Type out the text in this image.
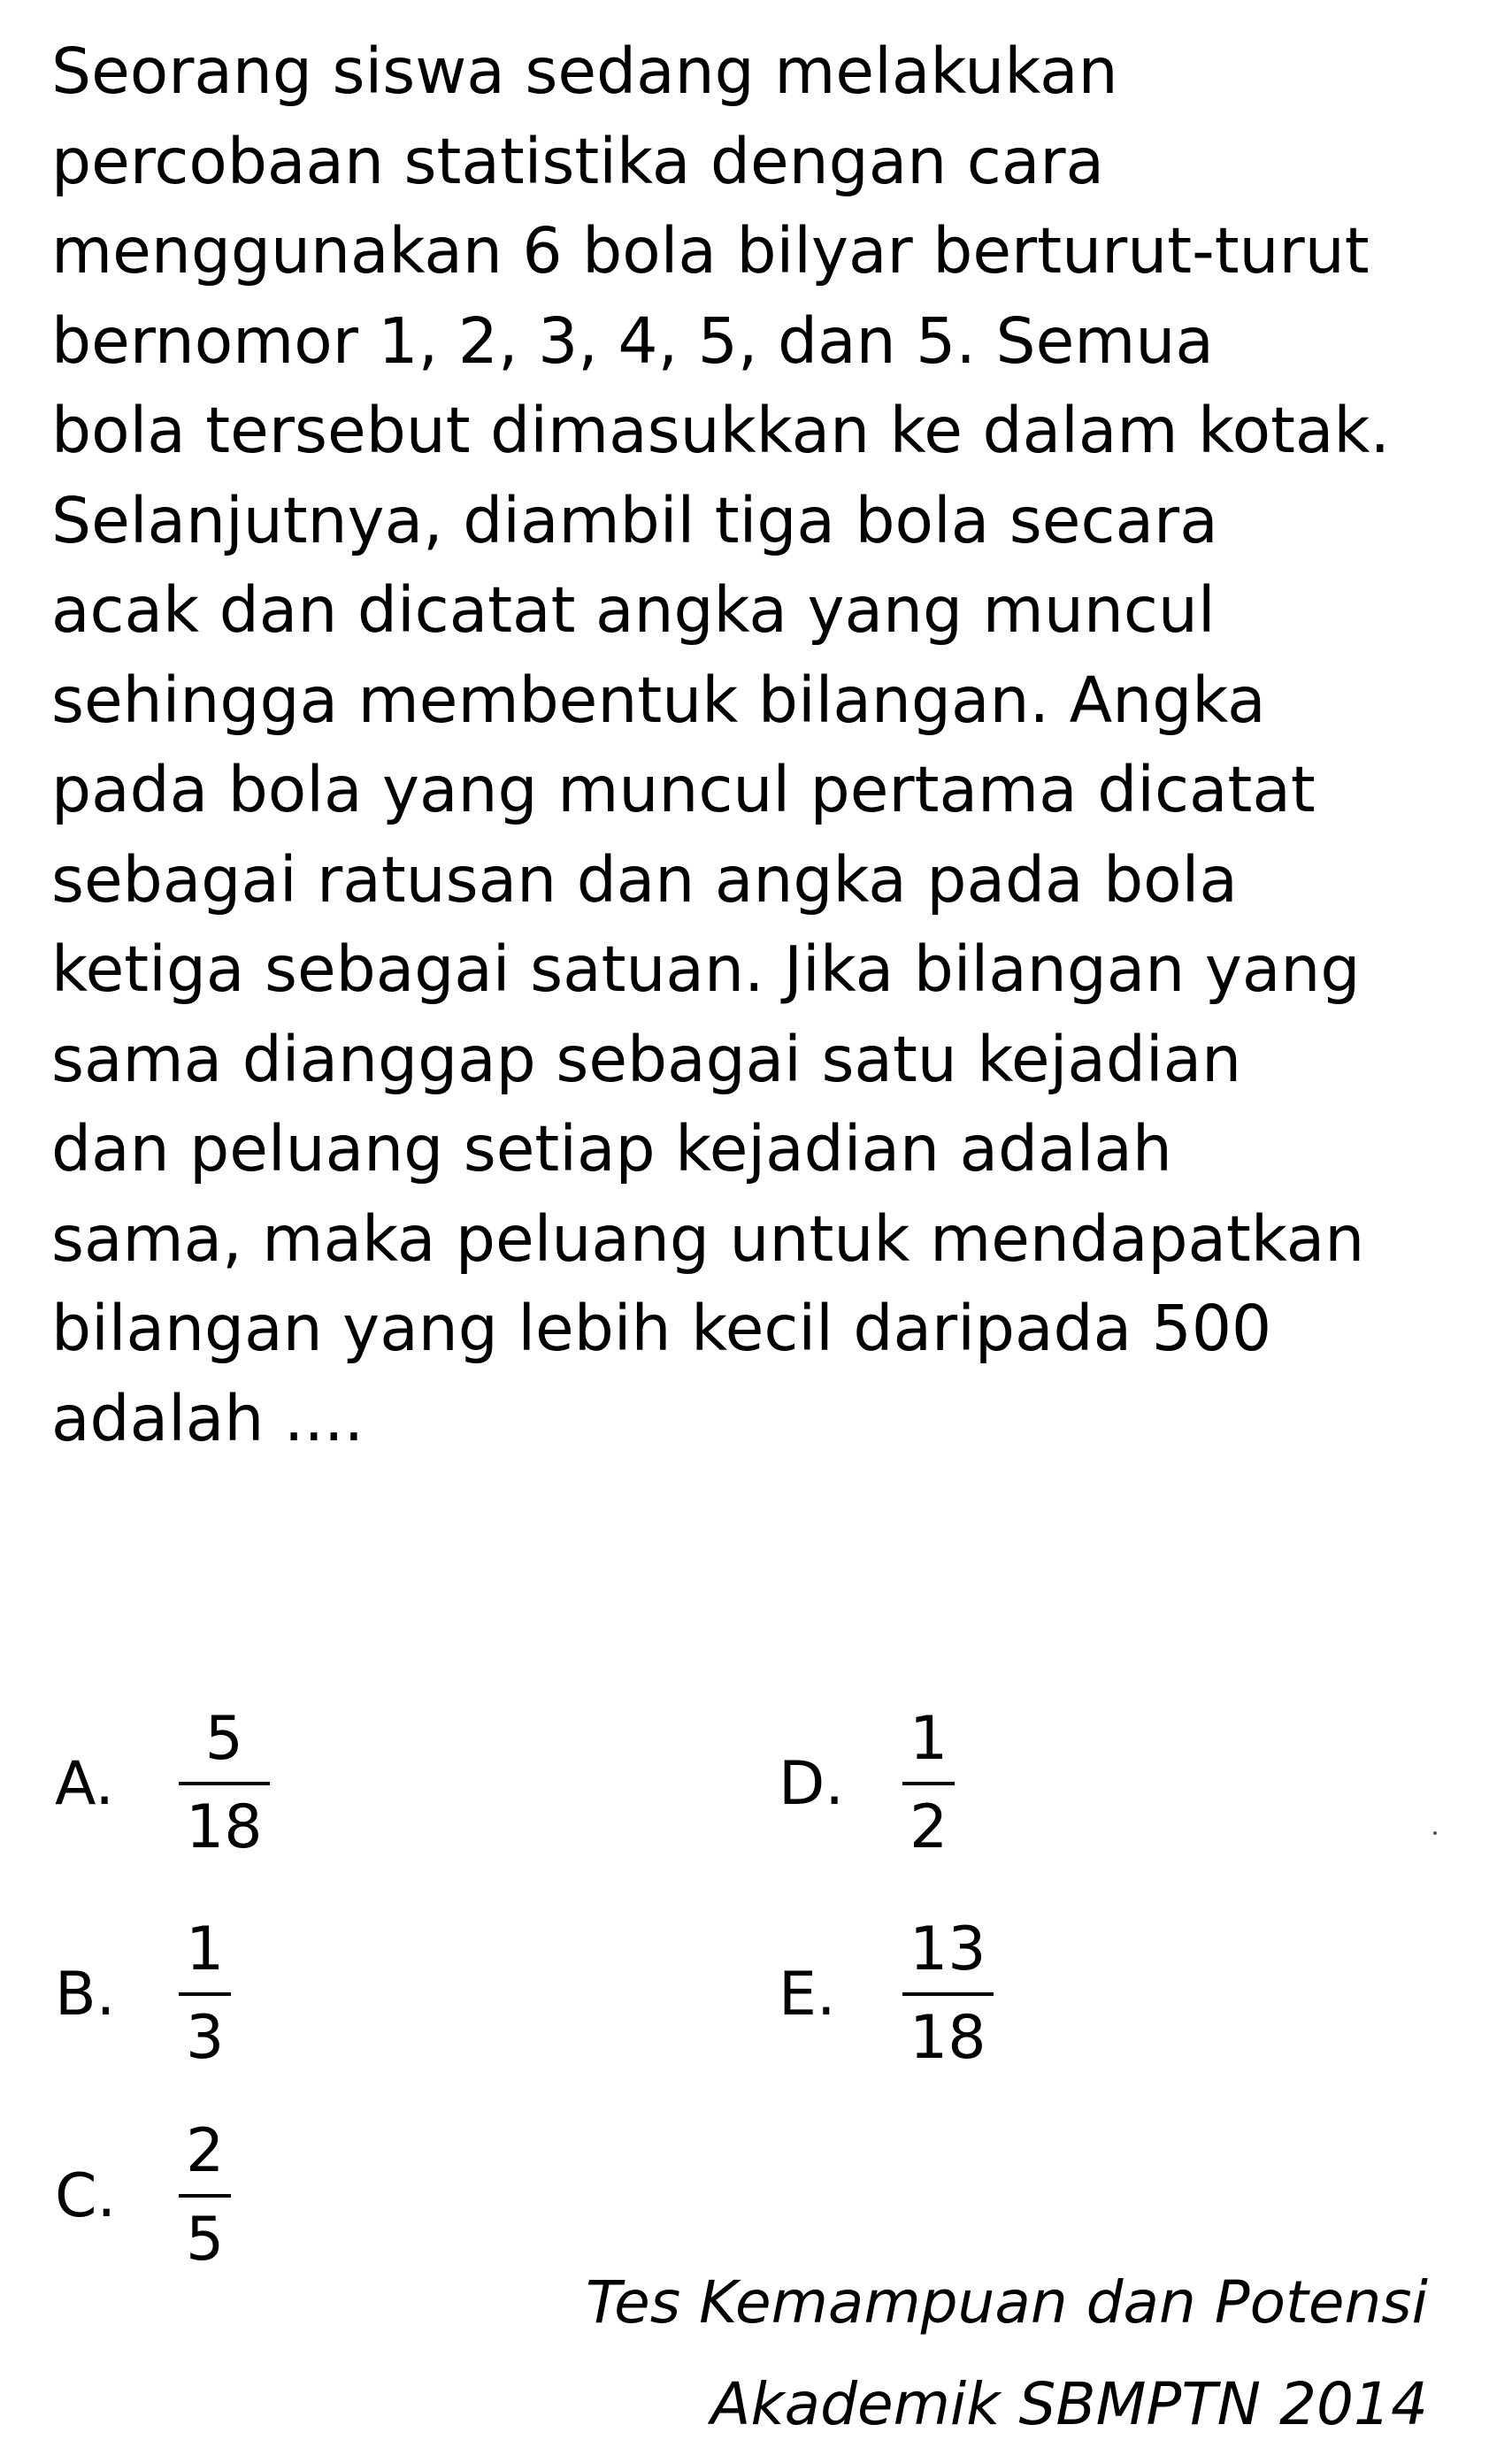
Seorang siswa sedang melakukan
percobaan statistika dengan cara
menggunakan 6 bola bilyar berturut-turut
bernomor 1, 2, 3, 4, 5, dan 5. Semua
bola tersebut dimasukkan ke dalam kotak.
Selanjutnya, diambil tiga bola secara
acak dan dicatat angka yang muncul
sehingga membentuk bilangan. Angka
pada bola yang muncul pertama dicatat
sebagai ratusan dan angka pada bola
ketiga sebagai satuan. Jika bilangan yang
sama dianggap sebagai satu kejadian
dan peluang setiap kejadian adalah
sama, maka peluang untuk mendapatkan
bilangan yang lebih kecil daripada 500
adalah ....
A.	$\frac{5}{18}$
B.	$\frac{1}{3}$
C.	$\frac{2}{5}$
D. $\frac{1}{2}$
E.	$\frac{13}{18}$
Tes Kemampuan dan Potensi
Akademik SBMPTN 2014
